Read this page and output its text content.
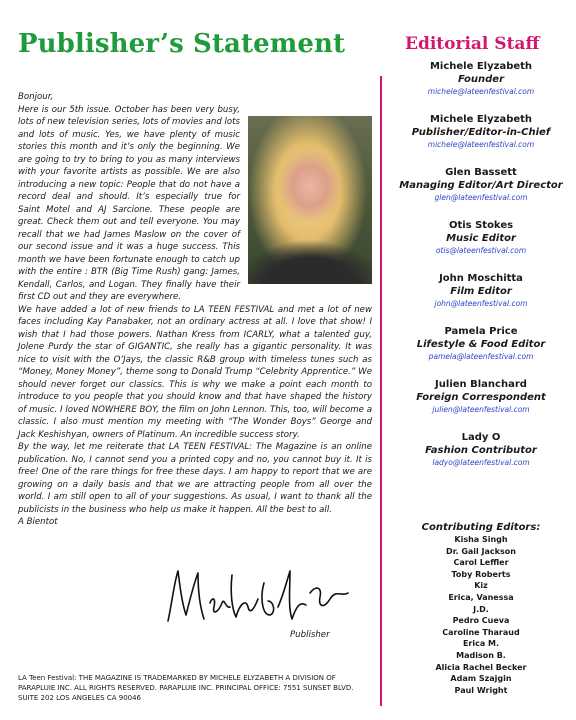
Publisher’s Statement	Editorial Staff

Bonjour,

Here is our 5th issue. October has been very busy, lots of new television series, lots of movies and lots and lots of music. Yes, we have plenty of music stories this month and it’s only the beginning. We are going to try to bring to you as many interviews with your favorite artists as possible. We are also introducing a new topic: People that do not have a record deal and should. It’s especially true for Saint Motel and AJ Sarcione. These people are great. Check them out and tell everyone. You may recall that we had James Maslow on the cover of our second issue and it was a huge success. This month we have been fortunate enough to catch up with the entire : BTR (Big Time Rush) gang: James, Kendall, Carlos, and Logan. They finally have their first CD out and they are everywhere.

We have added a lot of new friends to LA TEEN FESTIVAL and met a lot of new faces including Kay Panabaker, not an ordinary actress at all. I love that show! I wish that I had those powers. Nathan Kress from ICARLY, what a talented guy, Jolene Purdy the star of GIGANTIC, she really has a gigantic personality. It was nice to visit with the O’Jays, the classic R&B group with timeless tunes such as “Money, Money Money”, theme song to Donald Trump “Celebrity Apprentice.” We should never forget our classics. This is why we make a point each month to introduce to you people that you should know and that have shaped the history of music. I loved NOWHERE BOY, the film on John Lennon. This, too, will become a classic. I also must mention my meeting with “The Wonder Boys” George and Jack Keshishyan, owners of Platinum. An incredible success story.

By the way, let me reiterate that LA TEEN FESTIVAL: The Magazine is an online publication. No, I cannot send you a printed copy and no, you cannot buy it. It is free! One of the rare things for free these days. I am happy to report that we are growing on a daily basis and that we are attracting people from all over the world. I am still open to all of your suggestions. As usual, I want to thank all the publicists in the business who help us make it happen. All the best to all.

A Bientot

Publisher
LA Teen Festival: THE MAGAZINE IS TRADEMARKED BY MICHELE ELYZABETH A DIVISION OF PARAPLUIE INC. ALL RIGHTS RESERVED. PARAPLUIE INC. PRINCIPAL OFFICE: 7551 SUNSET BLVD. SUITE 202 LOS ANGELES CA 90046
Michele Elyzabeth
Founder
michele@lateenfestival.com
Michele Elyzabeth
Publisher/Editor-in-Chief
michele@lateenfestival.com
Glen Bassett
Managing Editor/Art Director
glen@lateenfestival.com
Otis Stokes
Music Editor
otis@lateenfestival.com
John Moschitta
Film Editor
john@lateenfestival.com
Pamela Price
Lifestyle & Food Editor
pamela@lateenfestival.com
Julien Blanchard
Foreign Correspondent
julien@lateenfestival.com
Lady O
Fashion Contributor
ladyo@lateenfestival.com
Contributing Editors:
Kisha Singh
Dr. Gail Jackson
Carol Leffler
Toby Roberts
Kiz
Erica, Vanessa
J.D.
Pedro Cueva
Caroline Tharaud
Erica M.
Madison B.
Alicia Rachel Becker
Adam Szajgin
Paul Wright
